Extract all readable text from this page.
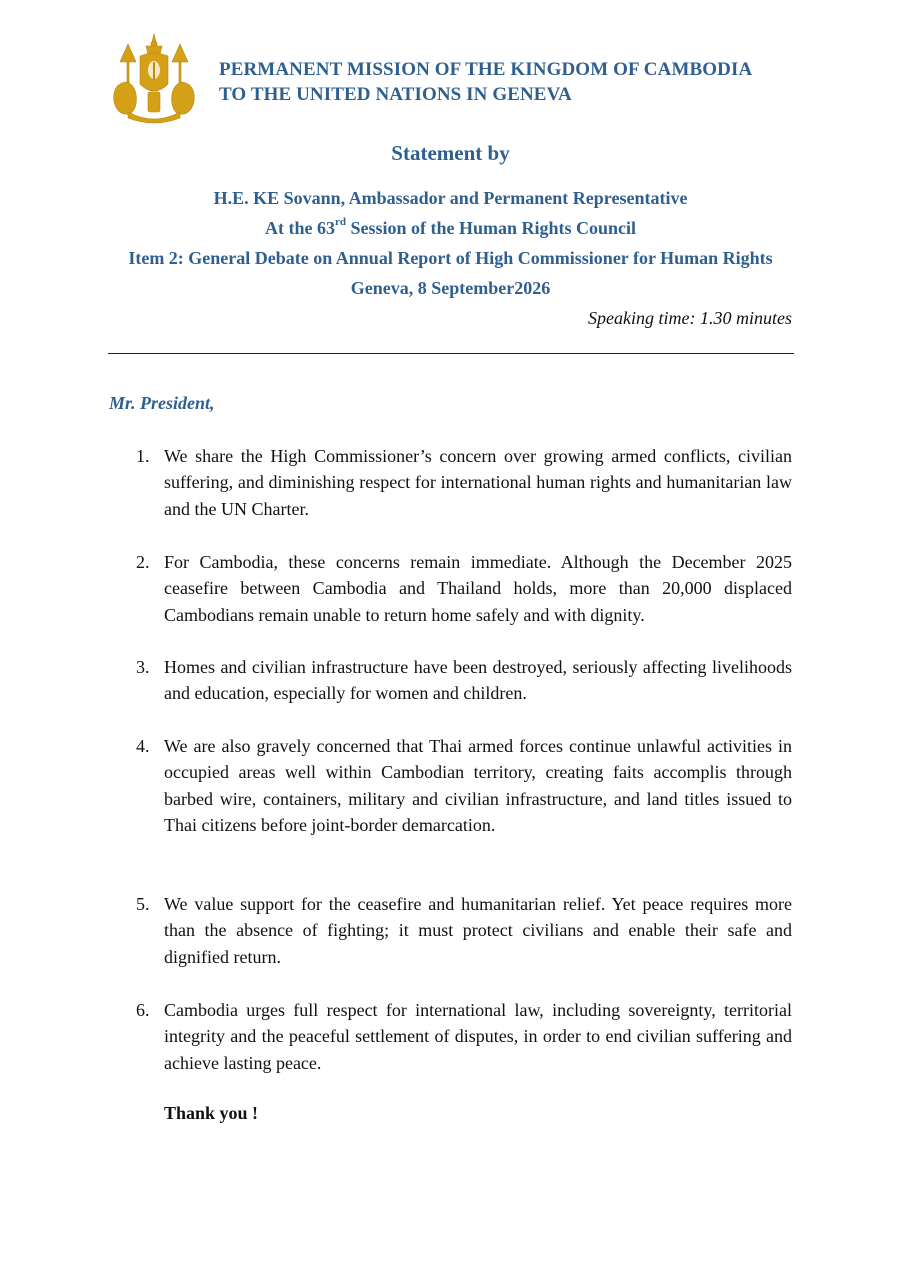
PERMANENT MISSION OF THE KINGDOM OF CAMBODIA
TO THE UNITED NATIONS IN GENEVA
Statement by
H.E. KE Sovann, Ambassador and Permanent Representative
At the 63rd Session of the Human Rights Council
Item 2: General Debate on Annual Report of High Commissioner for Human Rights
Geneva, 8 September2026
Speaking time: 1.30 minutes
Mr. President,
1. We share the High Commissioner’s concern over growing armed conflicts, civilian suffering, and diminishing respect for international human rights and humanitarian law and the UN Charter.
2. For Cambodia, these concerns remain immediate. Although the December 2025 ceasefire between Cambodia and Thailand holds, more than 20,000 displaced Cambodians remain unable to return home safely and with dignity.
3. Homes and civilian infrastructure have been destroyed, seriously affecting livelihoods and education, especially for women and children.
4. We are also gravely concerned that Thai armed forces continue unlawful activities in occupied areas well within Cambodian territory, creating faits accomplis through barbed wire, containers, military and civilian infrastructure, and land titles issued to Thai citizens before joint-border demarcation.
5. We value support for the ceasefire and humanitarian relief. Yet peace requires more than the absence of fighting; it must protect civilians and enable their safe and dignified return.
6. Cambodia urges full respect for international law, including sovereignty, territorial integrity and the peaceful settlement of disputes, in order to end civilian suffering and achieve lasting peace.
Thank you !
